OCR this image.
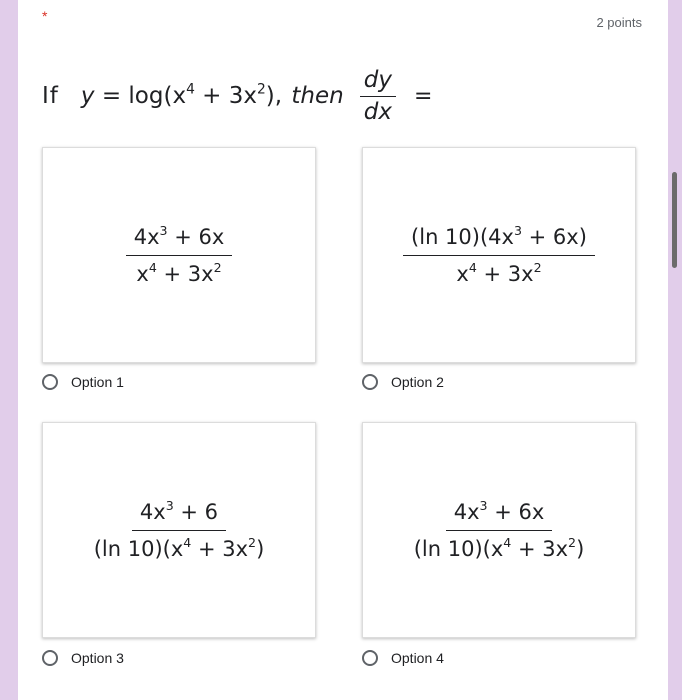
*	2 points
If $y = \log(x^4 + 3x^2)$, then $\frac{dy}{dx}$ =
$\frac{4x^3 + 6x}{x^4 + 3x^2}$
Option 1
$\frac{(\ln 10)(4x^3 + 6x)}{x^4 + 3x^2}$
Option 2
$\frac{4x^3 + 6}{(\ln 10)(x^4 + 3x^2)}$
Option 3
$\frac{4x^3 + 6x}{(\ln 10)(x^4 + 3x^2)}$
Option 4
